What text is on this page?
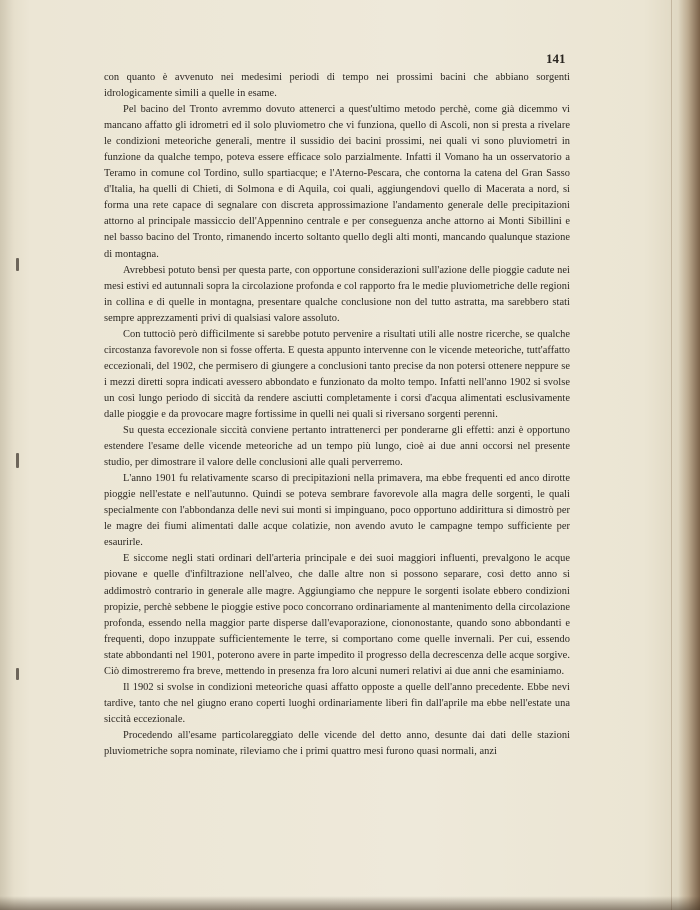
141

con quanto è avvenuto nei medesimi periodi di tempo nei prossimi bacini che abbiano sorgenti idrologicamente simili a quelle in esame.

Pel bacino del Tronto avremmo dovuto attenerci a quest'ultimo metodo perchè, come già dicemmo vi mancano affatto gli idrometri ed il solo pluviometro che vi funziona, quello di Ascoli, non si presta a rivelare le condizioni meteoriche generali, mentre il sussidio dei bacini prossimi, nei quali vi sono pluviometri in funzione da qualche tempo, poteva essere efficace solo parzialmente. Infatti il Vomano ha un osservatorio a Teramo in comune col Tordino, sullo spartiacque; e l'Aterno-Pescara, che contorna la catena del Gran Sasso d'Italia, ha quelli di Chieti, di Solmona e di Aquila, coi quali, aggiungendovi quello di Macerata a nord, si forma una rete capace di segnalare con discreta approssimazione l'andamento generale delle precipitazioni attorno al principale massiccio dell'Appennino centrale e per conseguenza anche attorno ai Monti Sibillini e nel basso bacino del Tronto, rimanendo incerto soltanto quello degli alti monti, mancando qualunque stazione di montagna.

Avrebbesi potuto bensì per questa parte, con opportune considerazioni sull'azione delle pioggie cadute nei mesi estivi ed autunnali sopra la circolazione profonda e col rapporto fra le medie pluviometriche delle regioni in collina e di quelle in montagna, presentare qualche conclusione non del tutto astratta, ma sarebbero stati sempre apprezzamenti privi di qualsiasi valore assoluto.

Con tuttociò però difficilmente si sarebbe potuto pervenire a risultati utili alle nostre ricerche, se qualche circostanza favorevole non si fosse offerta. E questa appunto intervenne con le vicende meteoriche, tutt'affatto eccezionali, del 1902, che permisero di giungere a conclusioni tanto precise da non potersi ottenere neppure se i mezzi diretti sopra indicati avessero abbondato e funzionato da molto tempo. Infatti nell'anno 1902 si svolse un così lungo periodo di siccità da rendere asciutti completamente i corsi d'acqua alimentati esclusivamente dalle pioggie e da provocare magre fortissime in quelli nei quali si riversano sorgenti perenni.

Su questa eccezionale siccità conviene pertanto intrattenerci per ponderarne gli effetti: anzi è opportuno estendere l'esame delle vicende meteoriche ad un tempo più lungo, cioè ai due anni occorsi nel presente studio, per dimostrare il valore delle conclusioni alle quali perverremo.

L'anno 1901 fu relativamente scarso di precipitazioni nella primavera, ma ebbe frequenti ed anco dirotte pioggie nell'estate e nell'autunno. Quindi se poteva sembrare favorevole alla magra delle sorgenti, le quali specialmente con l'abbondanza delle nevi sui monti si impinguano, poco opportuno addirittura si dimostrò per le magre dei fiumi alimentati dalle acque colatizie, non avendo avuto le campagne tempo sufficiente per esaurirle.

E siccome negli stati ordinari dell'arteria principale e dei suoi maggiori influenti, prevalgono le acque piovane e quelle d'infiltrazione nell'alveo, che dalle altre non si possono separare, così detto anno si addimostrò contrario in generale alle magre. Aggiungiamo che neppure le sorgenti isolate ebbero condizioni propizie, perchè sebbene le pioggie estive poco concorrano ordinariamente al mantenimento della circolazione profonda, essendo nella maggior parte disperse dall'evaporazione, ciononostante, quando sono abbondanti e frequenti, dopo inzuppate sufficientemente le terre, si comportano come quelle invernali. Per cui, essendo state abbondanti nel 1901, poterono avere in parte impedito il progresso della decrescenza delle acque sorgive. Ciò dimostreremo fra breve, mettendo in presenza fra loro alcuni numeri relativi ai due anni che esaminiamo.

Il 1902 si svolse in condizioni meteoriche quasi affatto opposte a quelle dell'anno precedente. Ebbe nevi tardive, tanto che nel giugno erano coperti luoghi ordinariamente liberi fin dall'aprile ma ebbe nell'estate una siccità eccezionale.

Procedendo all'esame particolareggiato delle vicende del detto anno, desunte dai dati delle stazioni pluviometriche sopra nominate, rileviamo che i primi quattro mesi furono quasi normali, anzi
